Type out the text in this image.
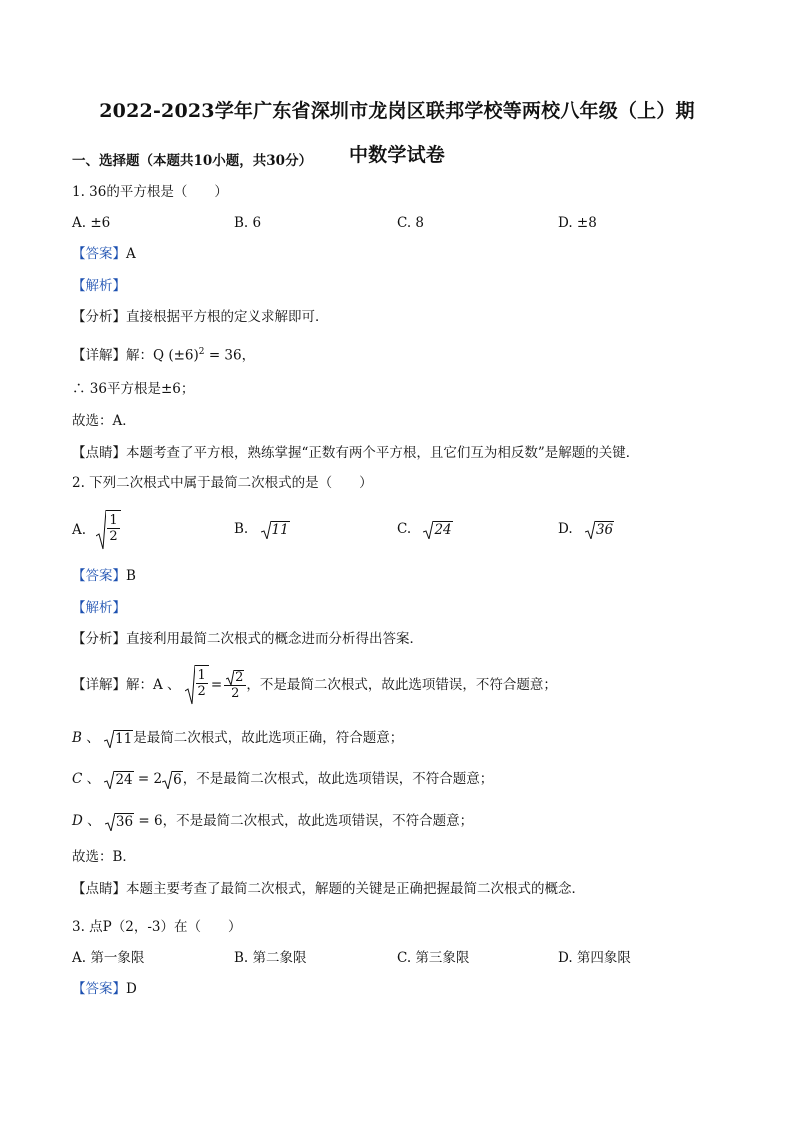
2022-2023学年广东省深圳市龙岗区联邦学校等两校八年级（上）期
中数学试卷
一、选择题（本题共10小题，共30分）
1. 36的平方根是（　　）
A. ±6	B. 6	C. 8	D. ±8
【答案】A
【解析】
【分析】直接根据平方根的定义求解即可．
【详解】解：Q $(\pm 6)^2 = 36$，
∴ 36平方根是±6；
故选：A．
【点睛】本题考查了平方根，熟练掌握“正数有两个平方根，且它们互为相反数”是解题的关键．
2. 下列二次根式中属于最简二次根式的是（　　）
A. $\frac{1}{2}$	B. 11	C. 24	D. 36
【答案】B
【解析】
【分析】直接利用最简二次根式的概念进而分析得出答案．
【详解】 解：A 、 $\frac{1}{2} = \frac{2}{2}$ ，不是最简二次根式，故此选项错误，不符合题意；
B 、 11 是最简二次根式，故此选项正确，符合题意；
C 、 24 = 2 6 ，不是最简二次根式，故此选项错误，不符合题意；
D 、 36 = 6，不是最简二次根式，故此选项错误，不符合题意；
故选：B．
【点睛】本题主要考查了最简二次根式，解题的关键是正确把握最简二次根式的概念．
3. 点P（2，-3）在（　　）
A. 第一象限	B. 第二象限	C. 第三象限	D. 第四象限
【答案】D
